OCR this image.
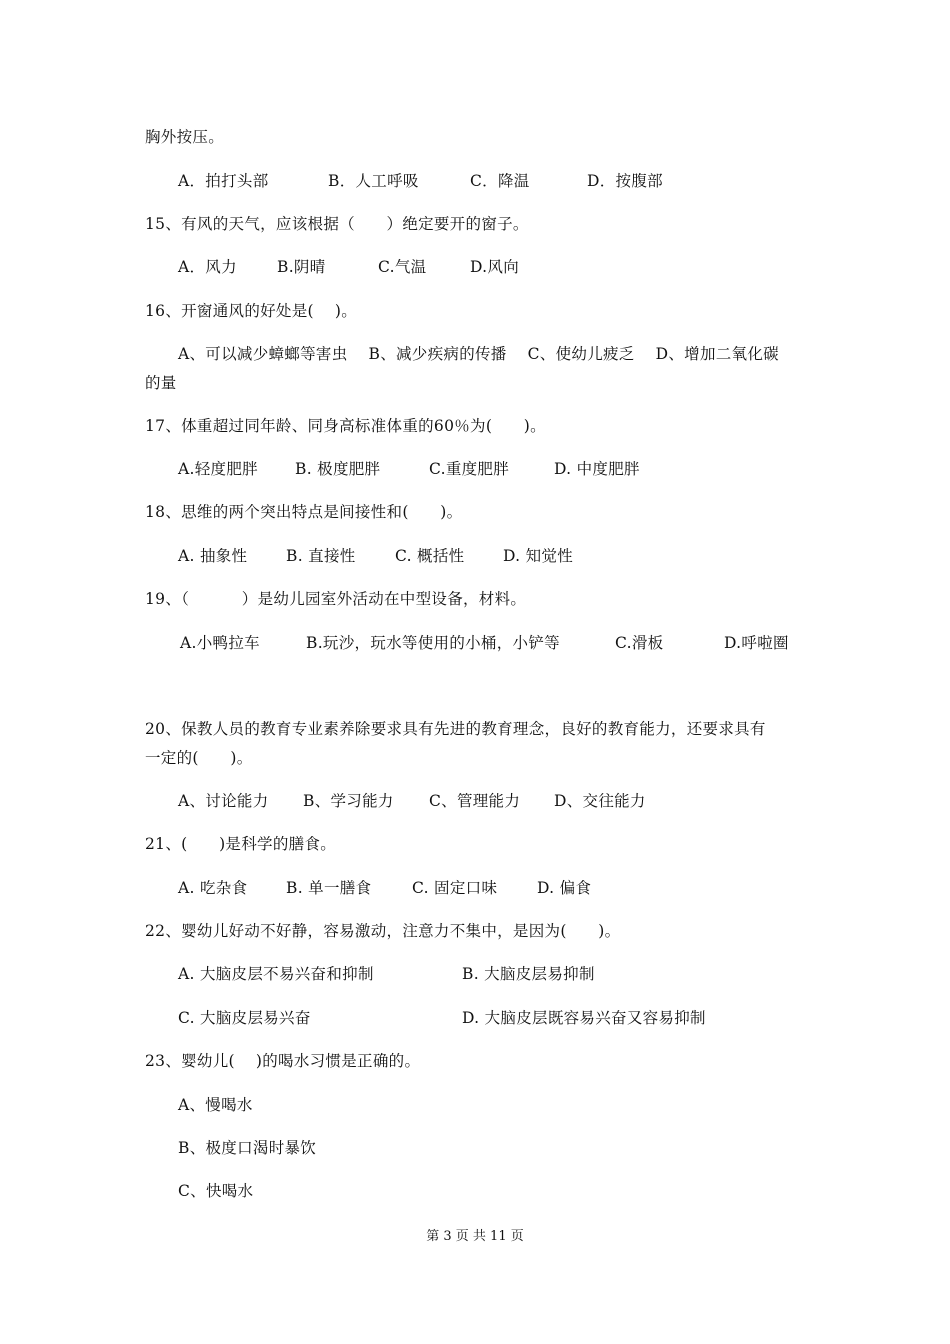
胸外按压。
A．拍打头部	B．人工呼吸	C．降温	D．按腹部
15、有风的天气，应该根据（　　）绝定要开的窗子。
A．风力	B.阴晴	C.气温	D.风向
16、开窗通风的好处是(　 )。
A、可以减少蟑螂等害虫　 B、减少疾病的传播　 C、使幼儿疲乏　 D、增加二氧化碳
的量
17、体重超过同年龄、同身高标准体重的60％为(　　)。
A.轻度肥胖 B. 极度肥胖	C.重度肥胖	D. 中度肥胖
18、思维的两个突出特点是间接性和(　　)。
A. 抽象性 B. 直接性	C. 概括性 D. 知觉性
19、（　　　 ）是幼儿园室外活动在中型设备，材料。
A.小鸭拉车	B.玩沙，玩水等使用的小桶，小铲等	C.滑板	D.呼啦圈
20、保教人员的教育专业素养除要求具有先进的教育理念，良好的教育能力，还要求具有
一定的(　　)。
A、讨论能力 B、学习能力 C、管理能力 D、交往能力
21、(　　)是科学的膳食。
A. 吃杂食 B. 单一膳食	C. 固定口味	D. 偏食
22、婴幼儿好动不好静，容易激动，注意力不集中，是因为(　　)。
A. 大脑皮层不易兴奋和抑制	B. 大脑皮层易抑制
C. 大脑皮层易兴奋	D. 大脑皮层既容易兴奋又容易抑制
23、婴幼儿(　 )的喝水习惯是正确的。
A、慢喝水
B、极度口渴时暴饮
C、快喝水
第 3 页 共 11 页
